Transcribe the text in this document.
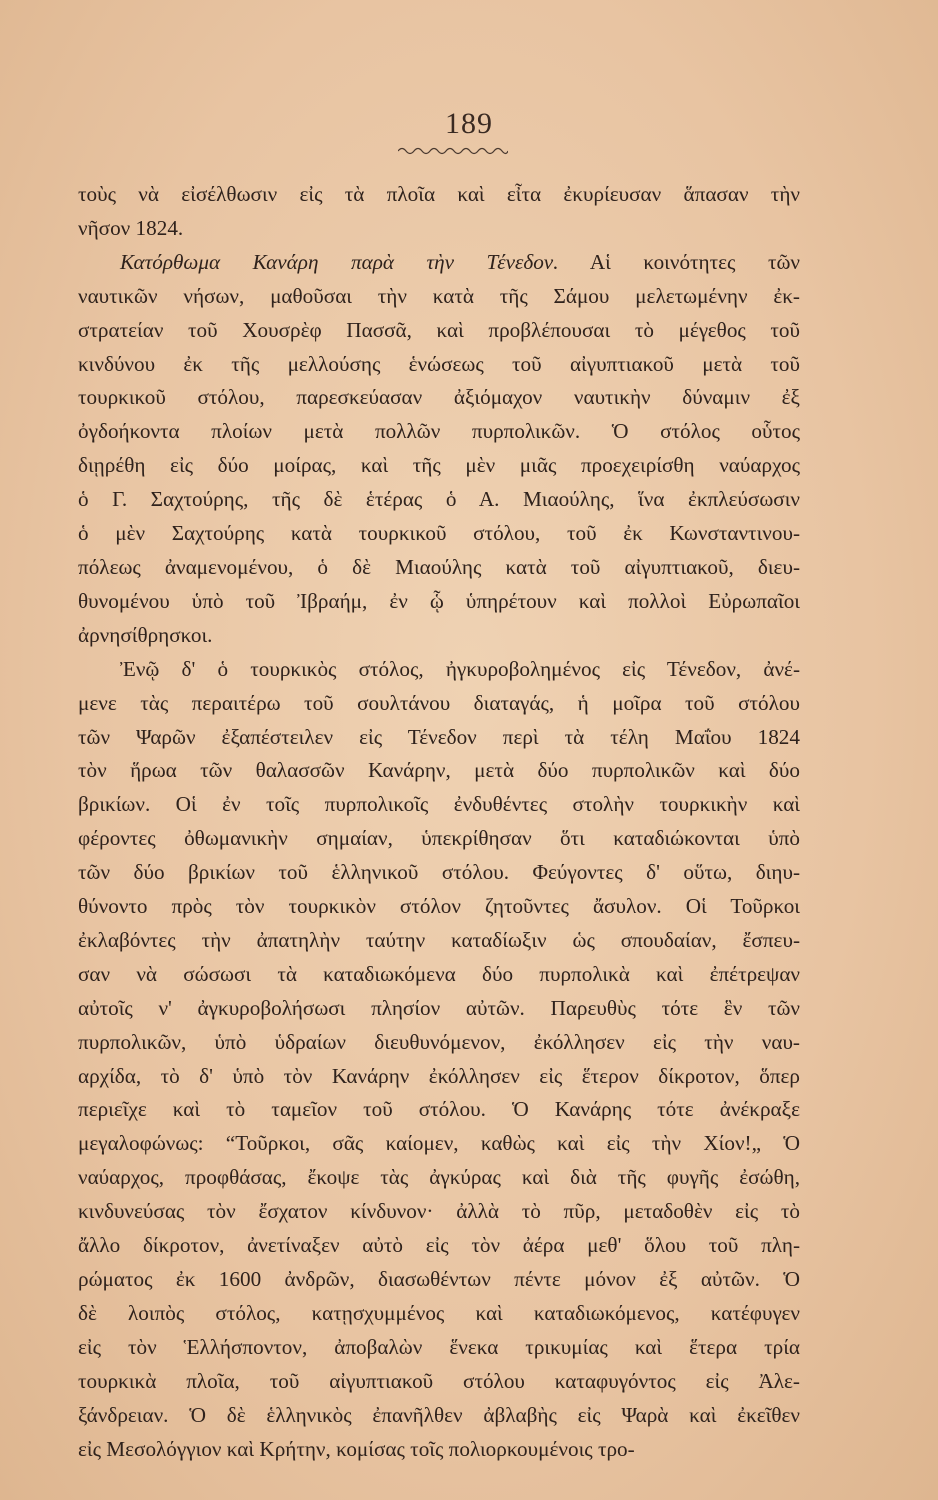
189
τοὺς νὰ εἰσέλθωσιν εἰς τὰ πλοῖα καὶ εἶτα ἐκυρίευσαν ἅπασαν τὴν
νῆσον 1824.
Κατόρθωμα Καvάρη παρὰ τὴν Τένεδον. Αἱ κοινότητες τῶν
ναυτικῶν νήσων, μαθοῦσαι τὴν κατὰ τῆς Σάμου μελετωμένην ἐκ-
στρατείαν τοῦ Χουσρὲφ Πασσᾶ, καὶ προβλέπουσαι τὸ μέγεθος τοῦ
κινδύνου ἐκ τῆς μελλούσης ἑνώσεως τοῦ αἰγυπτιακοῦ μετὰ τοῦ
τουρκικοῦ στόλου, παρεσκεύασαν ἀξιόμαχον ναυτικὴν δύναμιν ἐξ
ὀγδοήκοντα πλοίων μετὰ πολλῶν πυρπολικῶν. Ὁ στόλος οὗτος
διῃρέθη εἰς δύο μοίρας, καὶ τῆς μὲν μιᾶς προεχειρίσθη ναύαρχος
ὁ Γ. Σαχτούρης, τῆς δὲ ἑτέρας ὁ Α. Μιαούλης, ἵνα ἐκπλεύσωσιν
ὁ μὲν Σαχτούρης κατὰ τουρκικοῦ στόλου, τοῦ ἐκ Κωνσταντινου-
πόλεως ἀναμενομένου, ὁ δὲ Μιαούλης κατὰ τοῦ αἰγυπτιακοῦ, διευ-
θυνομένου ὑπὸ τοῦ Ἰβραήμ, ἐν ᾧ ὑπηρέτουν καὶ πολλοὶ Εὐρωπαῖοι
ἀρνησίθρησκοι.
Ἐνῷ δ' ὁ τουρκικὸς στόλος, ἠγκυροβολημένος εἰς Τένεδον, ἀνέ-
μενε τὰς περαιτέρω τοῦ σουλτάνου διαταγάς, ἡ μοῖρα τοῦ στόλου
τῶν Ψαρῶν ἐξαπέστειλεν εἰς Τένεδον περὶ τὰ τέλη Μαΐου 1824
τὸν ἥρωα τῶν θαλασσῶν Κανάρην, μετὰ δύο πυρπολικῶν καὶ δύο
βρικίων. Οἱ ἐν τοῖς πυρπολικοῖς ἐνδυθέντες στολὴν τουρκικὴν καὶ
φέροντες ὀθωμανικὴν σημαίαν, ὑπεκρίθησαν ὅτι καταδιώκονται ὑπὸ
τῶν δύο βρικίων τοῦ ἑλληνικοῦ στόλου. Φεύγοντες δ' οὕτω, διηυ-
θύνοντο πρὸς τὸν τουρκικὸν στόλον ζητοῦντες ἄσυλον. Οἱ Τοῦρκοι
ἐκλαβόντες τὴν ἀπατηλὴν ταύτην καταδίωξιν ὡς σπουδαίαν, ἔσπευ-
σαν νὰ σώσωσι τὰ καταδιωκόμενα δύο πυρπολικὰ καὶ ἐπέτρεψαν
αὐτοῖς ν' ἀγκυροβολήσωσι πλησίον αὐτῶν. Παρευθὺς τότε ἓν τῶν
πυρπολικῶν, ὑπὸ ὑδραίων διευθυνόμενον, ἐκόλλησεν εἰς τὴν ναυ-
αρχίδα, τὸ δ' ὑπὸ τὸν Κανάρην ἐκόλλησεν εἰς ἕτερον δίκροτον, ὅπερ
περιεῖχε καὶ τὸ ταμεῖον τοῦ στόλου. Ὁ Κανάρης τότε ἀνέκραξε
μεγαλοφώνως: “Τοῦρκοι, σᾶς καίομεν, καθὼς καὶ εἰς τὴν Χίον!„ Ὁ
ναύαρχος, προφθάσας, ἔκοψε τὰς ἀγκύρας καὶ διὰ τῆς φυγῆς ἐσώθη,
κινδυνεύσας τὸν ἔσχατον κίνδυνον· ἀλλὰ τὸ πῦρ, μεταδοθὲν εἰς τὸ
ἄλλο δίκροτον, ἀνετίναξεν αὐτὸ εἰς τὸν ἀέρα μεθ' ὅλου τοῦ πλη-
ρώματος ἐκ 1600 ἀνδρῶν, διασωθέντων πέντε μόνον ἐξ αὐτῶν. Ὁ
δὲ λοιπὸς στόλος, κατῃσχυμμένος καὶ καταδιωκόμενος, κατέφυγεν
εἰς τὸν Ἑλλήσποντον, ἀποβαλὼν ἕνεκα τρικυμίας καὶ ἕτερα τρία
τουρκικὰ πλοῖα, τοῦ αἰγυπτιακοῦ στόλου καταφυγόντος εἰς Ἀλε-
ξάνδρειαν. Ὁ δὲ ἑλληνικὸς ἐπανῆλθεν ἀβλαβὴς εἰς Ψαρὰ καὶ ἐκεῖθεν
εἰς Μεσολόγγιον καὶ Κρήτην, κομίσας τοῖς πολιορκουμένοις τρο-
